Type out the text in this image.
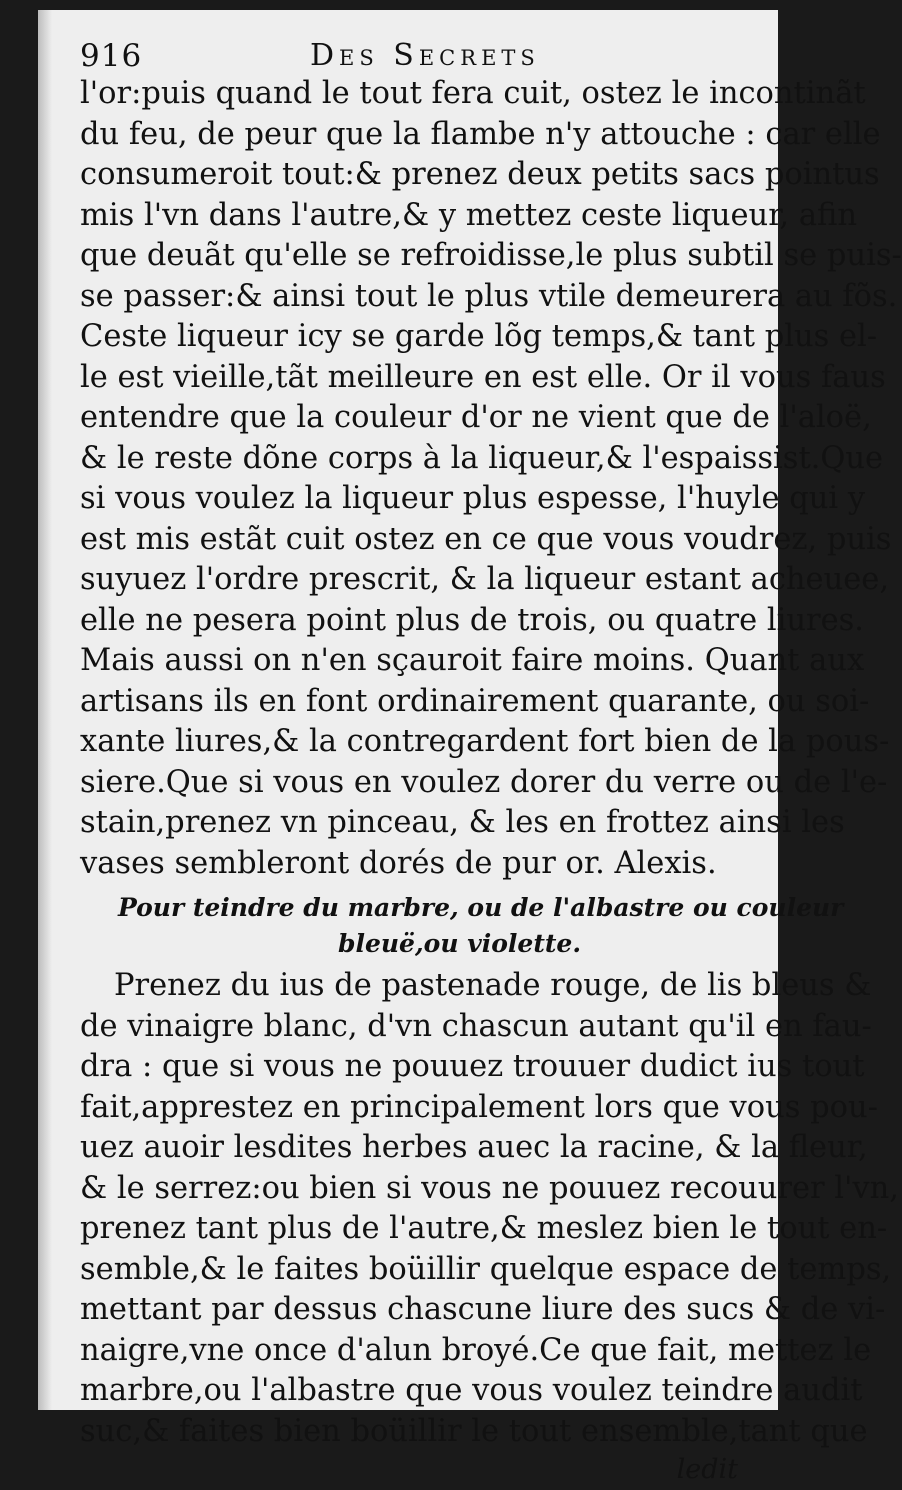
916	Des Secrets
l'or:puis quand le tout fera cuit, ostez le incontinãt
du feu, de peur que la flambe n'y attouche : car elle
consumeroit tout:& prenez deux petits sacs pointus
mis l'vn dans l'autre,& y mettez ceste liqueur, afin
que deuãt qu'elle se refroidisse,le plus subtil se puis-
se passer:& ainsi tout le plus vtile demeurera au fõs.
Ceste liqueur icy se garde lõg temps,& tant plus el-
le est vieille,tãt meilleure en est elle. Or il vous faus
entendre que la couleur d'or ne vient que de l'aloë,
& le reste dõne corps à la liqueur,& l'espaissist.Que
si vous voulez la liqueur plus espesse, l'huyle qui y
est mis estãt cuit ostez en ce que vous voudrez, puis
suyuez l'ordre prescrit, & la liqueur estant acheuee,
elle ne pesera point plus de trois, ou quatre liures.
Mais aussi on n'en sçauroit faire moins. Quant aux
artisans ils en font ordinairement quarante, ou soi-
xante liures,& la contregardent fort bien de la pous-
siere.Que si vous en voulez dorer du verre ou de l'e-
stain,prenez vn pinceau, & les en frottez ainsi les
vases sembleront dorés de pur or. Alexis.
Pour teindre du marbre, ou de l'albastre ou couleur
bleuë,ou violette.
Prenez du ius de pastenade rouge, de lis bleus &
de vinaigre blanc, d'vn chascun autant qu'il en fau-
dra : que si vous ne pouuez trouuer dudict ius tout
fait,apprestez en principalement lors que vous pou-
uez auoir lesdites herbes auec la racine, & la fleur,
& le serrez:ou bien si vous ne pouuez recouurer l'vn,
prenez tant plus de l'autre,& meslez bien le tout en-
semble,& le faites boüillir quelque espace de temps,
mettant par dessus chascune liure des sucs & de vi-
naigre,vne once d'alun broyé.Ce que fait, mettez le
marbre,ou l'albastre que vous voulez teindre audit
suc,& faites bien boüillir le tout ensemble,tant que
ledit
